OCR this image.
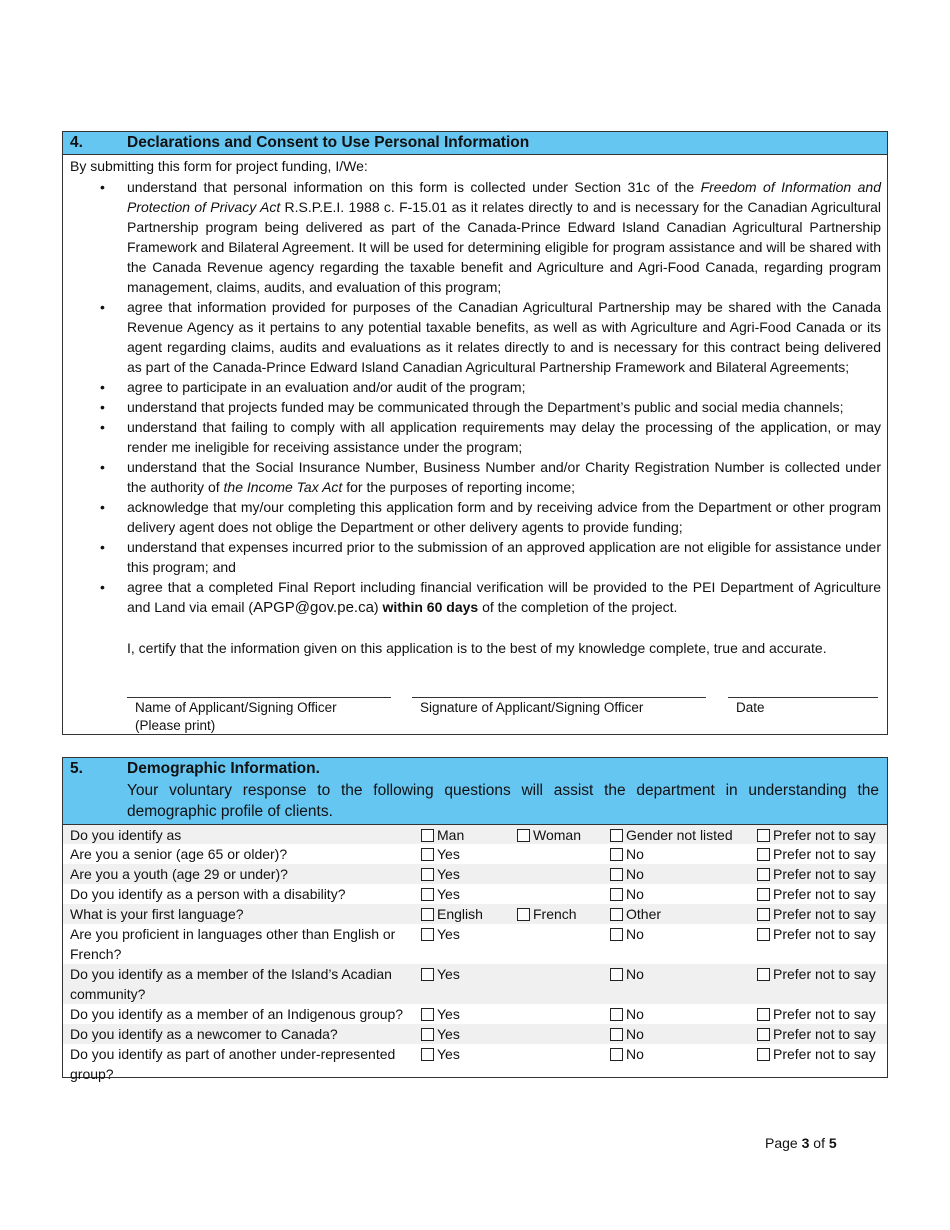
4.	Declarations and Consent to Use Personal Information
By submitting this form for project funding, I/We:
• understand that personal information on this form is collected under Section 31c of the Freedom of Information and Protection of Privacy Act R.S.P.E.I. 1988 c. F-15.01 as it relates directly to and is necessary for the Canadian Agricultural Partnership program being delivered as part of the Canada-Prince Edward Island Canadian Agricultural Partnership Framework and Bilateral Agreement. It will be used for determining eligible for program assistance and will be shared with the Canada Revenue agency regarding the taxable benefit and Agriculture and Agri-Food Canada, regarding program management, claims, audits, and evaluation of this program;
• agree that information provided for purposes of the Canadian Agricultural Partnership may be shared with the Canada Revenue Agency as it pertains to any potential taxable benefits, as well as with Agriculture and Agri-Food Canada or its agent regarding claims, audits and evaluations as it relates directly to and is necessary for this contract being delivered as part of the Canada-Prince Edward Island Canadian Agricultural Partnership Framework and Bilateral Agreements;
• agree to participate in an evaluation and/or audit of the program;
• understand that projects funded may be communicated through the Department’s public and social media channels;
• understand that failing to comply with all application requirements may delay the processing of the application, or may render me ineligible for receiving assistance under the program;
• understand that the Social Insurance Number, Business Number and/or Charity Registration Number is collected under the authority of the Income Tax Act for the purposes of reporting income;
• acknowledge that my/our completing this application form and by receiving advice from the Department or other program delivery agent does not oblige the Department or other delivery agents to provide funding;
• understand that expenses incurred prior to the submission of an approved application are not eligible for assistance under this program; and
• agree that a completed Final Report including financial verification will be provided to the PEI Department of Agriculture and Land via email (APGP@gov.pe.ca) within 60 days of the completion of the project.
I, certify that the information given on this application is to the best of my knowledge complete, true and accurate.
Name of Applicant/Signing Officer
(Please print)
Signature of Applicant/Signing Officer	Date
5.	Demographic Information.
Your voluntary response to the following questions will assist the department in understanding the demographic profile of clients.
Do you identify as	Man	Woman	Gender not listed	Prefer not to say
Are you a senior (age 65 or older)?	Yes	No	Prefer not to say
Are you a youth (age 29 or under)?	Yes	No	Prefer not to say
Do you identify as a person with a disability?	Yes	No	Prefer not to say
What is your first language?	English	French	Other	Prefer not to say
Are you proficient in languages other than English or French?
Yes	No	Prefer not to say
Do you identify as a member of the Island’s Acadian community?
Yes	No	Prefer not to say
Do you identify as a member of an Indigenous group?	Yes	No	Prefer not to say
Do you identify as a newcomer to Canada?	Yes	No	Prefer not to say
Do you identify as part of another under-represented group?
Yes	No	Prefer not to say
Page 3 of 5
